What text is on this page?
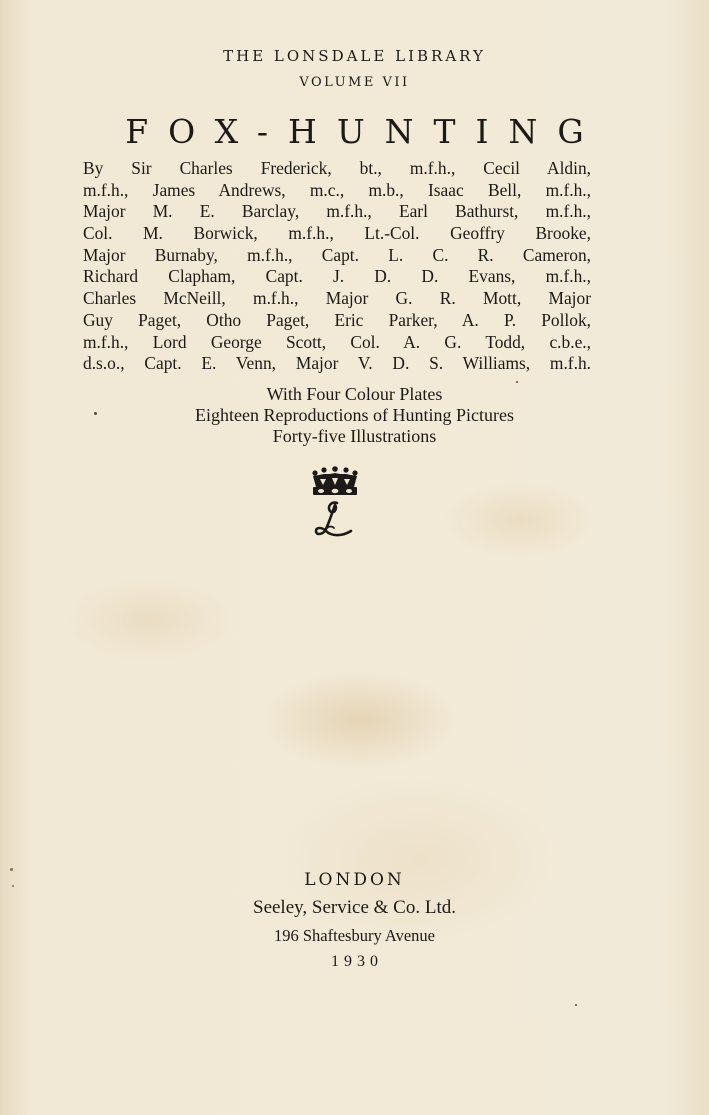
THE LONSDALE LIBRARY
VOLUME VII
FOX-HUNTING
By Sir Charles Frederick, bt., m.f.h., Cecil Aldin,
m.f.h., James Andrews, m.c., m.b., Isaac Bell, m.f.h.,
Major M. E. Barclay, m.f.h., Earl Bathurst, m.f.h.,
Col. M. Borwick, m.f.h., Lt.-Col. Geoffry Brooke,
Major Burnaby, m.f.h., Capt. L. C. R. Cameron,
Richard Clapham, Capt. J. D. D. Evans, m.f.h.,
Charles McNeill, m.f.h., Major G. R. Mott, Major
Guy Paget, Otho Paget, Eric Parker, A. P. Pollok,
m.f.h., Lord George Scott, Col. A. G. Todd, c.b.e.,
d.s.o., Capt. E. Venn, Major V. D. S. Williams, m.f.h.
With Four Colour Plates
Eighteen Reproductions of Hunting Pictures
Forty-five Illustrations
LONDON
Seeley, Service & Co. Ltd.
196 Shaftesbury Avenue
1930
